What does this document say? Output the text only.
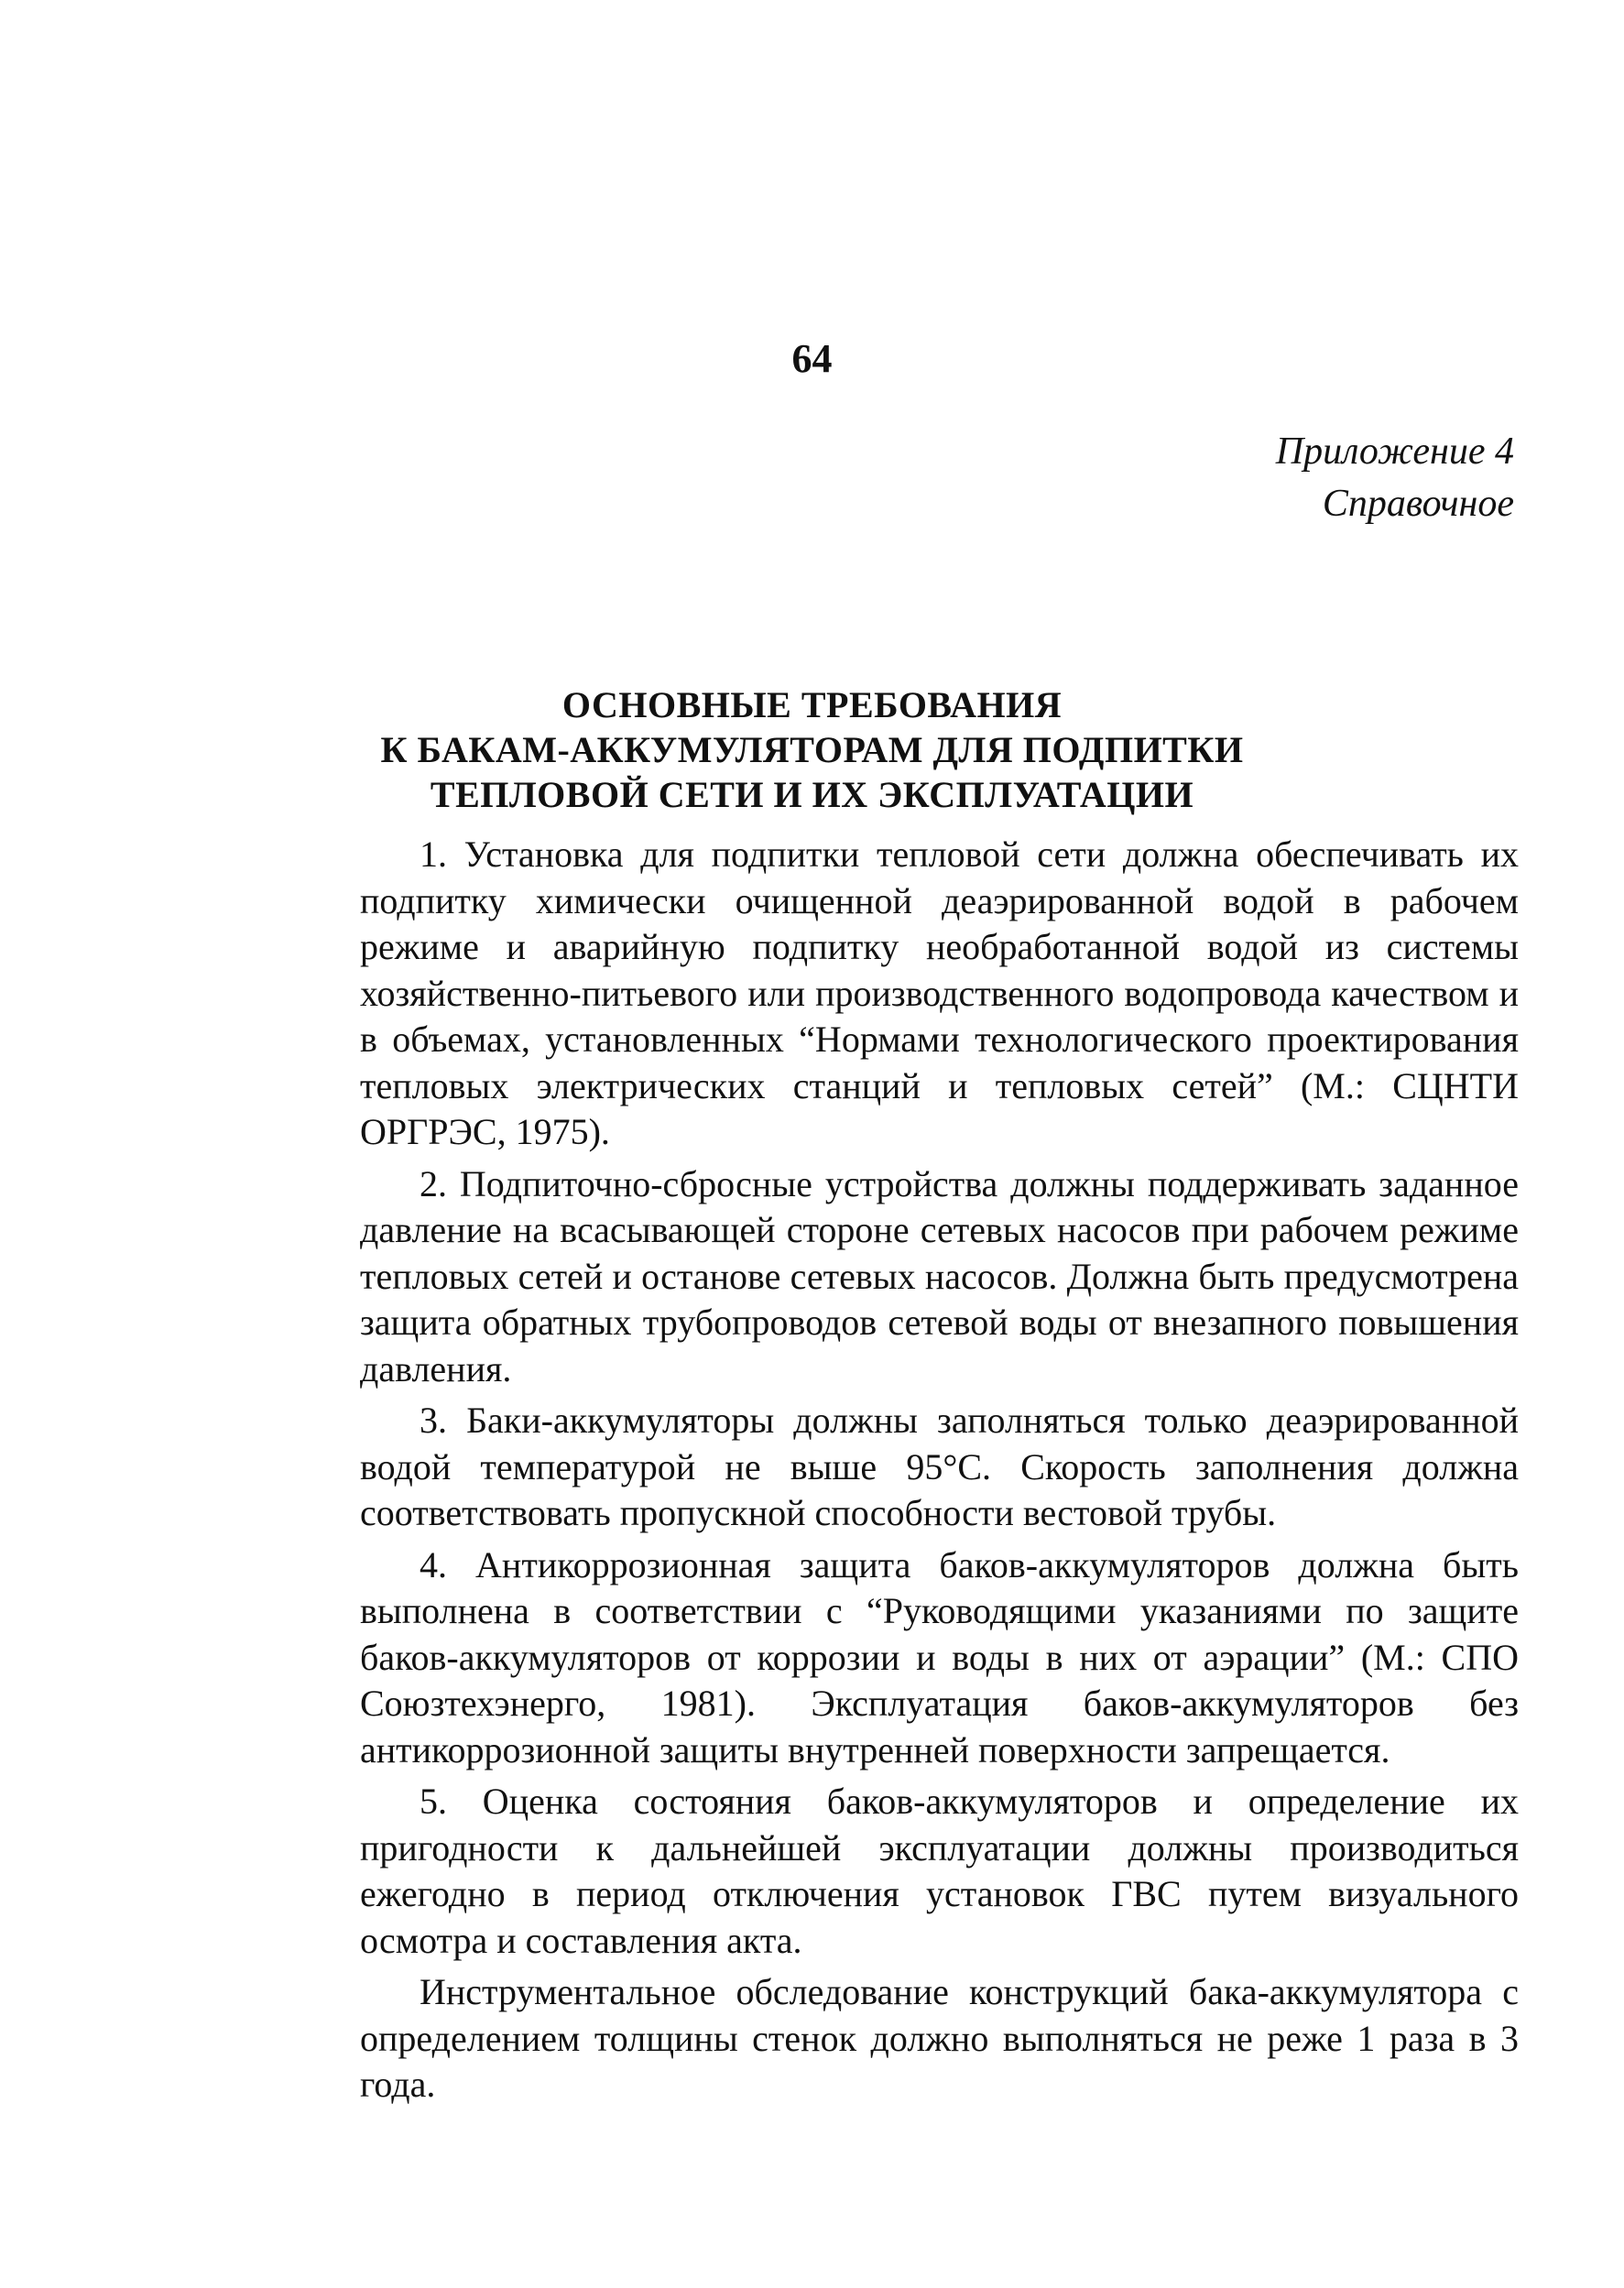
64
Приложение 4
Справочное
ОСНОВНЫЕ ТРЕБОВАНИЯ
К БАКАМ-АККУМУЛЯТОРАМ ДЛЯ ПОДПИТКИ
ТЕПЛОВОЙ СЕТИ И ИХ ЭКСПЛУАТАЦИИ

1. Установка для подпитки тепловой сети должна обеспечивать их подпитку химически очищенной деаэрированной водой в рабочем режиме и аварийную подпитку необработанной водой из системы хозяйственно-питьевого или производственного водопровода качеством и в объемах, установленных “Нормами технологического проектирования тепловых электрических станций и тепловых сетей” (М.: СЦНТИ ОРГРЭС, 1975).

2. Подпиточно-сбросные устройства должны поддерживать заданное давление на всасывающей стороне сетевых насосов при рабочем режиме тепловых сетей и останове сетевых насосов. Должна быть предусмотрена защита обратных трубопроводов сетевой воды от внезапного повышения давления.

3. Баки-аккумуляторы должны заполняться только деаэрированной водой температурой не выше 95°С. Скорость заполнения должна соответствовать пропускной способности вестовой трубы.

4. Антикоррозионная защита баков-аккумуляторов должна быть выполнена в соответствии с “Руководящими указаниями по защите баков-аккумуляторов от коррозии и воды в них от аэрации” (М.: СПО Союзтехэнерго, 1981). Эксплуатация баков-аккумуляторов без антикоррозионной защиты внутренней поверхности запрещается.

5. Оценка состояния баков-аккумуляторов и определение их пригодности к дальнейшей эксплуатации должны производиться ежегодно в период отключения установок ГВС путем визуального осмотра и составления акта.

Инструментальное обследование конструкций бака-аккумулятора с определением толщины стенок должно выполняться не реже 1 раза в 3 года.
